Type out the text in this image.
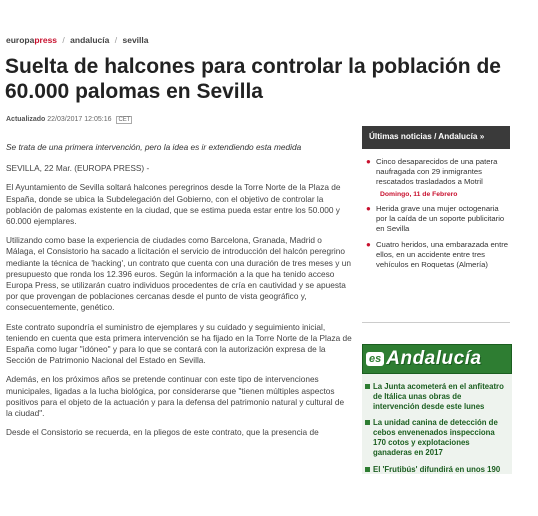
europapress / andalucía / sevilla
Suelta de halcones para controlar la población de 60.000 palomas en Sevilla
Actualizado 22/03/2017 12:05:16 CET

Se trata de una primera intervención, pero la idea es ir extendiendo esta medida

SEVILLA, 22 Mar. (EUROPA PRESS) -

El Ayuntamiento de Sevilla soltará halcones peregrinos desde la Torre Norte de la Plaza de España, donde se ubica la Subdelegación del Gobierno, con el objetivo de controlar la población de palomas existente en la ciudad, que se estima pueda estar entre los 50.000 y 60.000 ejemplares.

Utilizando como base la experiencia de ciudades como Barcelona, Granada, Madrid o Málaga, el Consistorio ha sacado a licitación el servicio de introducción del halcón peregrino mediante la técnica de 'hacking', un contrato que cuenta con una duración de tres meses y un presupuesto que ronda los 12.396 euros. Según la información a la que ha tenido acceso Europa Press, se utilizarán cuatro individuos procedentes de cría en cautividad y se apuesta por que provengan de poblaciones cercanas desde el punto de vista geográfico y, consecuentemente, genético.

Este contrato supondría el suministro de ejemplares y su cuidado y seguimiento inicial, teniendo en cuenta que esta primera intervención se ha fijado en la Torre Norte de la Plaza de España como lugar "idóneo" y para lo que se contará con la autorización expresa de la Sección de Patrimonio Nacional del Estado en Sevilla.

Además, en los próximos años se pretende continuar con este tipo de intervenciones municipales, ligadas a la lucha biológica, por considerarse que "tienen múltiples aspectos positivos para el objeto de la actuación y para la defensa del patrimonio natural y cultural de la ciudad".

Desde el Consistorio se recuerda, en la pliegos de este contrato, que la presencia de

Últimas noticias / Andalucía »
● Cinco desaparecidos de una patera naufragada con 29 inmigrantes rescatados trasladados a Motril
Domingo, 11 de Febrero
● Herida grave una mujer octogenaria por la caída de un soporte publicitario en Sevilla
● Cuatro heridos, una embarazada entre ellos, en un accidente entre tres vehículos en Roquetas (Almería)
es Andalucía
La Junta acometerá en el anfiteatro de Itálica unas obras de intervención desde este lunes
La unidad canina de detección de cebos envenenados inspecciona 170 cotos y explotaciones ganaderas en 2017
El 'Frutibús' difundirá en unos 190
